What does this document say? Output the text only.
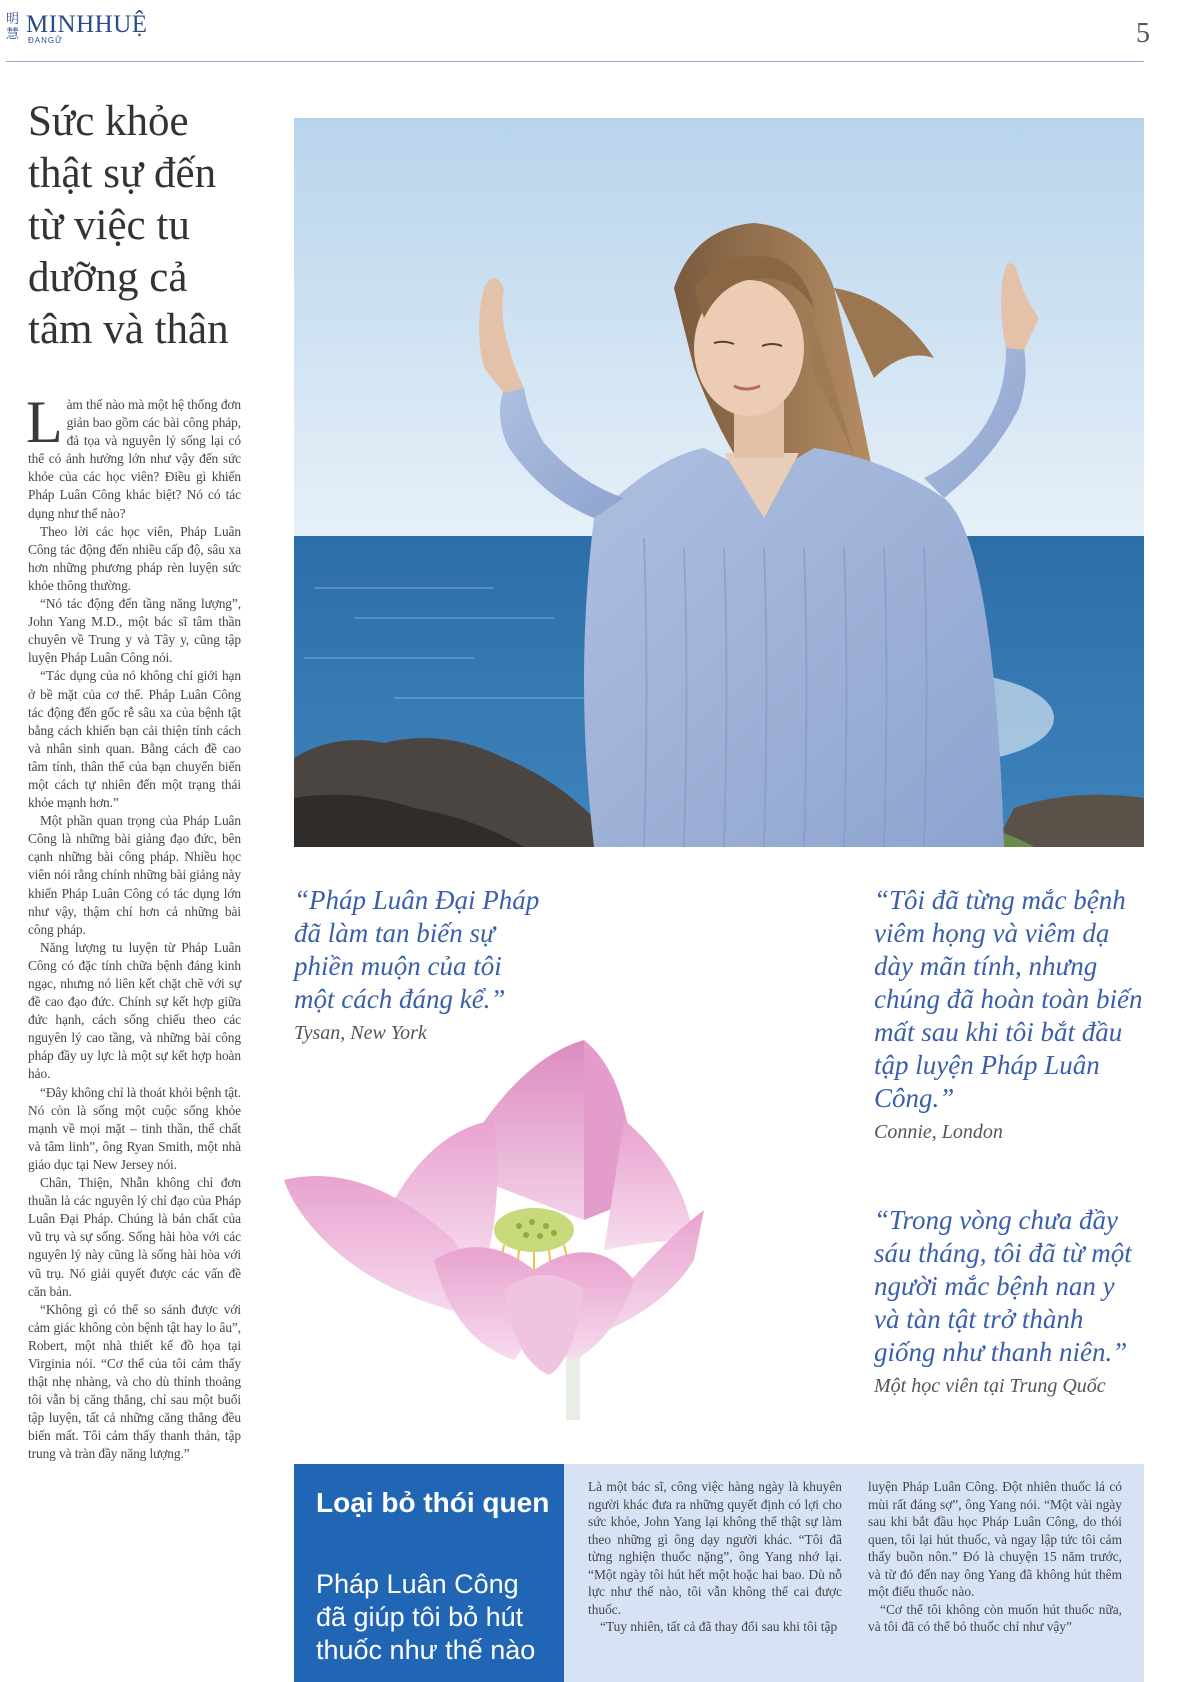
明慧 MINHHUỆ
ĐANGỮ	5
Sức khỏe thật sự đến từ việc tu dưỡng cả tâm và thân

Làm thế nào mà một hệ thống đơn giản bao gồm các bài công pháp, đả tọa và nguyên lý sống lại có thể có ảnh hưởng lớn như vậy đến sức khỏe của các học viên? Điều gì khiến Pháp Luân Công khác biệt? Nó có tác dụng như thế nào?

Theo lời các học viên, Pháp Luân Công tác động đến nhiều cấp độ, sâu xa hơn những phương pháp rèn luyện sức khỏe thông thường.

“Nó tác động đến tầng năng lượng”, John Yang M.D., một bác sĩ tâm thần chuyên về Trung y và Tây y, cũng tập luyện Pháp Luân Công nói.

“Tác dụng của nó không chỉ giới hạn ở bề mặt của cơ thể. Pháp Luân Công tác động đến gốc rễ sâu xa của bệnh tật bằng cách khiến bạn cải thiện tính cách và nhân sinh quan. Bằng cách đề cao tâm tính, thân thể của bạn chuyển biến một cách tự nhiên đến một trạng thái khỏe mạnh hơn.”

Một phần quan trọng của Pháp Luân Công là những bài giảng đạo đức, bên cạnh những bài công pháp. Nhiều học viên nói rằng chính những bài giảng này khiến Pháp Luân Công có tác dụng lớn như vậy, thậm chí hơn cả những bài công pháp.

Năng lượng tu luyện từ Pháp Luân Công có đặc tính chữa bệnh đáng kinh ngạc, nhưng nó liên kết chặt chẽ với sự đề cao đạo đức. Chính sự kết hợp giữa đức hạnh, cách sống chiếu theo các nguyên lý cao tầng, và những bài công pháp đầy uy lực là một sự kết hợp hoàn hảo.

“Đây không chỉ là thoát khỏi bệnh tật. Nó còn là sống một cuộc sống khỏe mạnh về mọi mặt – tinh thần, thể chất và tâm linh”, ông Ryan Smith, một nhà giáo dục tại New Jersey nói.

Chân, Thiện, Nhẫn không chỉ đơn thuần là các nguyên lý chỉ đạo của Pháp Luân Đại Pháp. Chúng là bản chất của vũ trụ và sự sống. Sống hài hòa với các nguyên lý này cũng là sống hài hòa với vũ trụ. Nó giải quyết được các vấn đề căn bản.

“Không gì có thể so sánh được với cảm giác không còn bệnh tật hay lo âu”, Robert, một nhà thiết kế đồ họa tại Virginia nói. “Cơ thể của tôi cảm thấy thật nhẹ nhàng, và cho dù thỉnh thoảng tôi vẫn bị căng thẳng, chỉ sau một buổi tập luyện, tất cả những căng thẳng đều biến mất. Tôi cảm thấy thanh thản, tập trung và tràn đầy năng lượng.”

“Pháp Luân Đại Pháp đã làm tan biến sự phiền muộn của tôi một cách đáng kể.”
Tysan, New York
“Tôi đã từng mắc bệnh viêm họng và viêm dạ dày mãn tính, nhưng chúng đã hoàn toàn biến mất sau khi tôi bắt đầu tập luyện Pháp Luân Công.”
Connie, London
“Trong vòng chưa đầy sáu tháng, tôi đã từ một người mắc bệnh nan y và tàn tật trở thành giống như thanh niên.”
Một học viên tại Trung Quốc
Loại bỏ thói quen
Pháp Luân Công đã giúp tôi bỏ hút thuốc như thế nào

Là một bác sĩ, công việc hàng ngày là khuyên người khác đưa ra những quyết định có lợi cho sức khỏe, John Yang lại không thể thật sự làm theo những gì ông dạy người khác. “Tôi đã từng nghiện thuốc nặng”, ông Yang nhớ lại. “Một ngày tôi hút hết một hoặc hai bao. Dù nỗ lực như thế nào, tôi vẫn không thể cai được thuốc.

“Tuy nhiên, tất cả đã thay đổi sau khi tôi tập

luyện Pháp Luân Công. Đột nhiên thuốc lá có mùi rất đáng sợ”, ông Yang nói. “Một vài ngày sau khi bắt đầu học Pháp Luân Công, do thói quen, tôi lại hút thuốc, và ngay lập tức tôi cảm thấy buồn nôn.” Đó là chuyện 15 năm trước, và từ đó đến nay ông Yang đã không hút thêm một điếu thuốc nào.

“Cơ thể tôi không còn muốn hút thuốc nữa, và tôi đã có thể bỏ thuốc chỉ như vậy”
